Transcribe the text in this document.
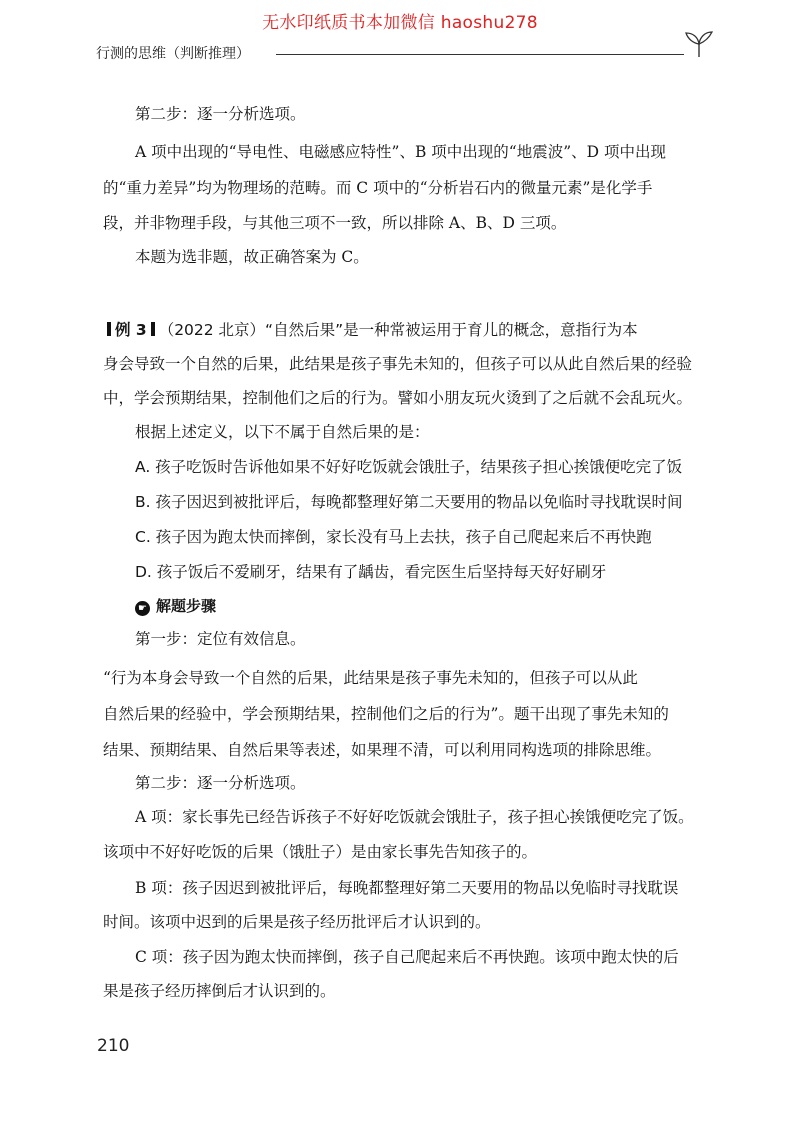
无水印纸质书本加微信 haoshu278
行测的思维（判断推理）

第二步：逐一分析选项。

A 项中出现的“导电性、电磁感应特性”、B 项中出现的“地震波”、D 项中出现

的“重力差异”均为物理场的范畴。而 C 项中的“分析岩石内的微量元素”是化学手

段，并非物理手段，与其他三项不一致，所以排除 A、B、D 三项。

本题为选非题，故正确答案为 C。

例 3 （2022 北京）“自然后果”是一种常被运用于育儿的概念，意指行为本

身会导致一个自然的后果，此结果是孩子事先未知的，但孩子可以从此自然后果的经验

中，学会预期结果，控制他们之后的行为。譬如小朋友玩火烫到了之后就不会乱玩火。

根据上述定义，以下不属于自然后果的是：

A. 孩子吃饭时告诉他如果不好好吃饭就会饿肚子，结果孩子担心挨饿便吃完了饭

B. 孩子因迟到被批评后，每晚都整理好第二天要用的物品以免临时寻找耽误时间

C. 孩子因为跑太快而摔倒，家长没有马上去扶，孩子自己爬起来后不再快跑

D. 孩子饭后不爱刷牙，结果有了龋齿，看完医生后坚持每天好好刷牙

☛ 解题步骤

第一步：定位有效信息。

“行为本身会导致一个自然的后果，此结果是孩子事先未知的，但孩子可以从此

自然后果的经验中，学会预期结果，控制他们之后的行为”。题干出现了事先未知的

结果、预期结果、自然后果等表述，如果理不清，可以利用同构选项的排除思维。

第二步：逐一分析选项。

A 项：家长事先已经告诉孩子不好好吃饭就会饿肚子，孩子担心挨饿便吃完了饭。

该项中不好好吃饭的后果（饿肚子）是由家长事先告知孩子的。

B 项：孩子因迟到被批评后，每晚都整理好第二天要用的物品以免临时寻找耽误

时间。该项中迟到的后果是孩子经历批评后才认识到的。

C 项：孩子因为跑太快而摔倒，孩子自己爬起来后不再快跑。该项中跑太快的后

果是孩子经历摔倒后才认识到的。

210
